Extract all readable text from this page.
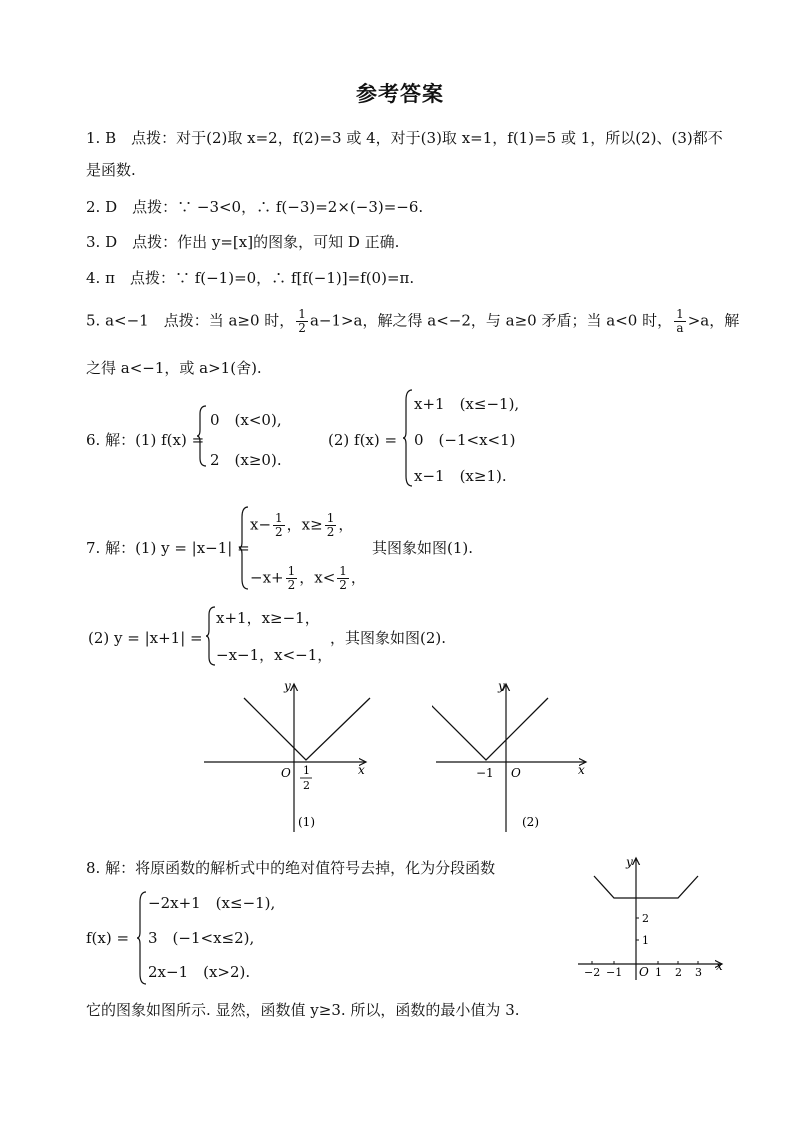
参考答案
1. B　点拨：对于(2)取 x=2，f(2)=3 或 4，对于(3)取 x=1，f(1)=5 或 1，所以(2)、(3)都不
是函数.
2. D　点拨：∵ −3<0，∴ f(−3)=2×(−3)=−6.
3. D　点拨：作出 y=[x]的图象，可知 D 正确.
4. π　点拨：∵ f(−1)=0，∴ f[f(−1)]=f(0)=π.
5. a<−1　点拨：当 a≥0 时， $\frac{1}{2} a-1>a$，解之得 a<−2，与 a≥0 矛盾；当 a<0 时， $\frac{1}{a} >a$，解
之得 a<−1，或 a>1(舍).
6. 解：(1) f(x) =
0　(x<0),
2　(x≥0).
(2) f(x) =
x+1　(x≤−1),
0　(−1<x<1)
x−1　(x≥1).
7. 解：(1) y = |x−1| =
$x- \frac{1}{2}$ ，$x\ge \frac{1}{2}$ ，
$-x+ \frac{1}{2}$ ，$x< \frac{1}{2}$ ，
其图象如图(1).
(2) y = |x+1| =
x+1，x≥−1，
−x−1，x<−1，
，其图象如图(2).
y
x
O 1
2
(1)
y
x
O
−1
(2)
8. 解：将原函数的解析式中的绝对值符号去掉，化为分段函数
f(x) =
−2x+1　(x≤−1),
3　(−1<x≤2),
2x−1　(x>2).
它的图象如图所示. 显然，函数值 y≥3. 所以，函数的最小值为 3.
y
x
O
−2 −1	1 2 3
2
1
